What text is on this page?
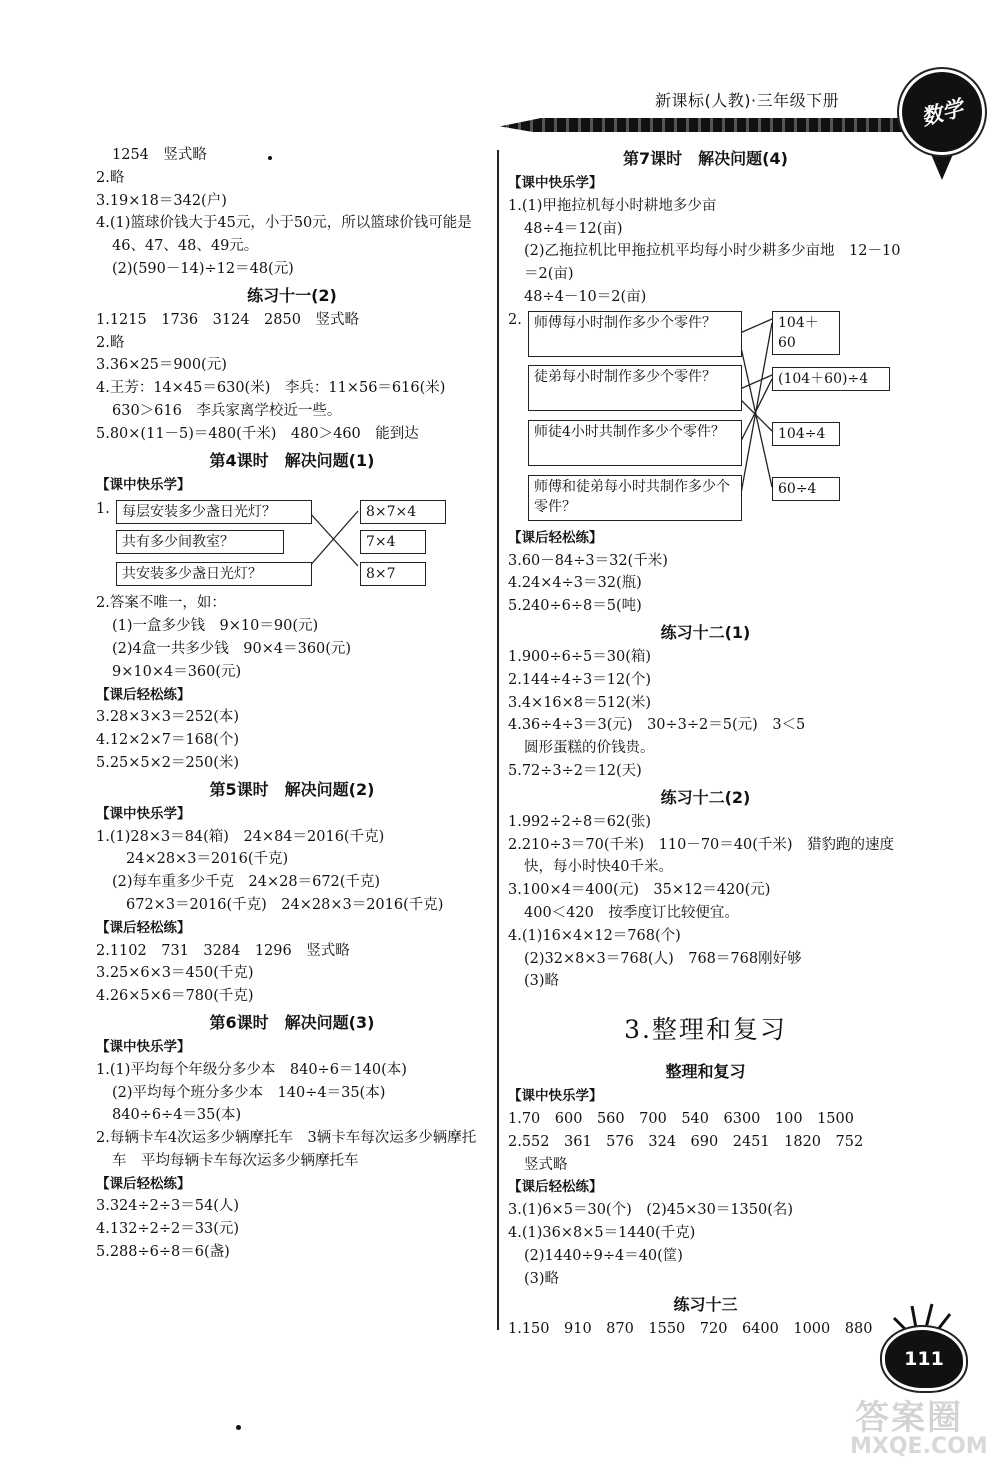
新课标(人教)·三年级下册	数学
1254　竖式略
2.略
3.19×18＝342(户)
4.(1)篮球价钱大于45元，小于50元，所以篮球价钱可能是46、47、48、49元。
(2)(590－14)÷12＝48(元)
练习十一(2)
1.1215　1736　3124　2850　竖式略
2.略
3.36×25＝900(元)
4.王芳：14×45＝630(米)　李兵：11×56＝616(米)
630＞616　李兵家离学校近一些。
5.80×(11－5)＝480(千米)　480＞460　能到达
第4课时　解决问题(1)
【课中快乐学】
1. 每层安装多少盏日光灯？
共有多少间教室？
共安装多少盏日光灯？
8×7×4
7×4
8×7
2.答案不唯一，如：
(1)一盒多少钱　9×10＝90(元)
(2)4盒一共多少钱　90×4＝360(元)
9×10×4＝360(元)
【课后轻松练】
3.28×3×3＝252(本)
4.12×2×7＝168(个)
5.25×5×2＝250(米)
第5课时　解决问题(2)
【课中快乐学】
1.(1)28×3＝84(箱)　24×84＝2016(千克)
24×28×3＝2016(千克)
(2)每车重多少千克　24×28＝672(千克)
672×3＝2016(千克)　24×28×3＝2016(千克)
【课后轻松练】
2.1102　731　3284　1296　竖式略
3.25×6×3＝450(千克)
4.26×5×6＝780(千克)
第6课时　解决问题(3)
【课中快乐学】
1.(1)平均每个年级分多少本　840÷6＝140(本)
(2)平均每个班分多少本　140÷4＝35(本)
840÷6÷4＝35(本)
2.每辆卡车4次运多少辆摩托车　3辆卡车每次运多少辆摩托车　平均每辆卡车每次运多少辆摩托车
【课后轻松练】
3.324÷2÷3＝54(人)
4.132÷2÷2＝33(元)
5.288÷6÷8＝6(盏)
第7课时　解决问题(4)
【课中快乐学】
1.(1)甲拖拉机每小时耕地多少亩
48÷4＝12(亩)
(2)乙拖拉机比甲拖拉机平均每小时少耕多少亩地　12－10＝2(亩)
48÷4－10＝2(亩)
2. 师傅每小时制作多少个零件？
徒弟每小时制作多少个零件？
师徒4小时共制作多少个零件？
师傅和徒弟每小时共制作多少个零件？
104＋60
(104＋60)÷4
104÷4
60÷4
【课后轻松练】
3.60－84÷3＝32(千米)
4.24×4÷3＝32(瓶)
5.240÷6÷8＝5(吨)
练习十二(1)
1.900÷6÷5＝30(箱)
2.144÷4÷3＝12(个)
3.4×16×8＝512(米)
4.36÷4÷3＝3(元)　30÷3÷2＝5(元)　3＜5
圆形蛋糕的价钱贵。
5.72÷3÷2＝12(天)
练习十二(2)
1.992÷2÷8＝62(张)
2.210÷3＝70(千米)　110－70＝40(千米)　猎豹跑的速度快，每小时快40千米。
3.100×4＝400(元)　35×12＝420(元)
400＜420　按季度订比较便宜。
4.(1)16×4×12＝768(个)
(2)32×8×3＝768(人)　768＝768刚好够
(3)略
3.整理和复习
整理和复习
【课中快乐学】
1.70　600　560　700　540　6300　100　1500
2.552　361　576　324　690　2451　1820　752
竖式略
【课后轻松练】
3.(1)6×5＝30(个)　(2)45×30＝1350(名)
4.(1)36×8×5＝1440(千克)
(2)1440÷9÷4＝40(筐)
(3)略
练习十三
1.150　910　870　1550　720　6400　1000　880
111
答案圈
MXQE.COM
